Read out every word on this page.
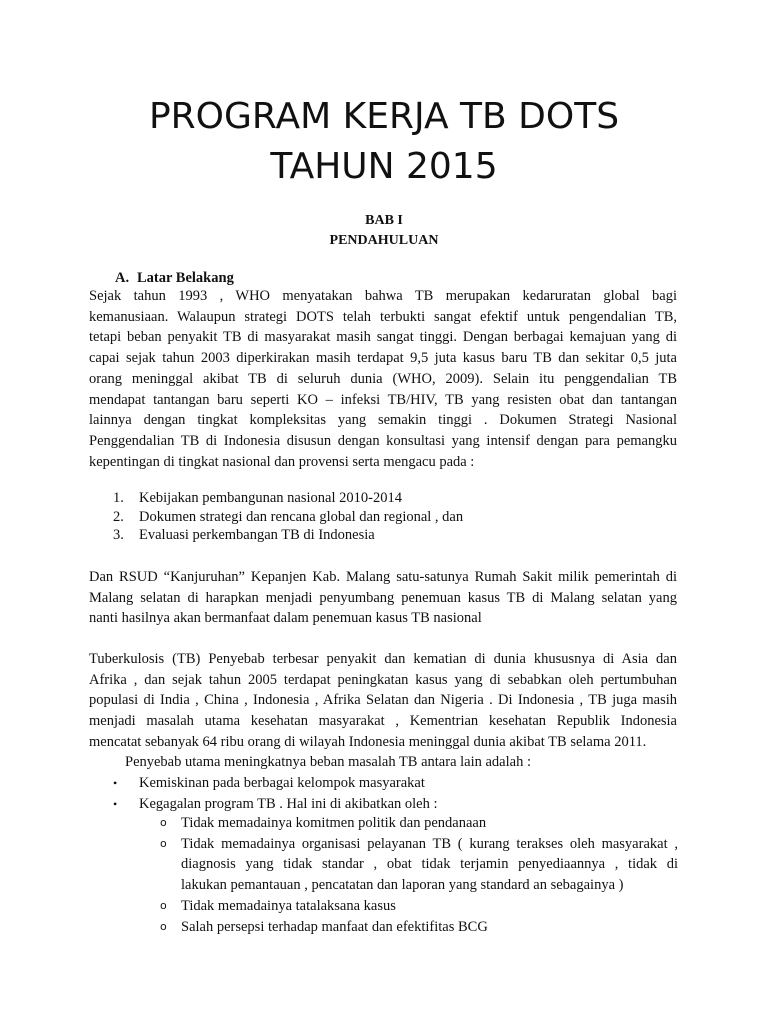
PROGRAM KERJA TB DOTS
TAHUN 2015
BAB I
PENDAHULUAN
A. Latar Belakang
Sejak tahun 1993 , WHO menyatakan bahwa TB merupakan kedaruratan global bagi
kemanusiaan. Walaupun strategi DOTS telah terbukti sangat efektif untuk pengendalian TB,
tetapi beban penyakit TB di masyarakat masih sangat tinggi. Dengan berbagai kemajuan yang di
capai sejak tahun 2003 diperkirakan masih terdapat 9,5 juta kasus baru TB dan sekitar 0,5 juta
orang meninggal akibat TB di seluruh dunia (WHO, 2009). Selain itu penggendalian TB
mendapat tantangan baru seperti KO – infeksi TB/HIV, TB yang resisten obat dan tantangan
lainnya dengan tingkat kompleksitas yang semakin tinggi . Dokumen Strategi Nasional
Penggendalian TB di Indonesia disusun dengan konsultasi yang intensif dengan para pemangku
kepentingan di tingkat nasional dan provensi serta mengacu pada :
1. Kebijakan pembangunan nasional 2010-2014
2. Dokumen strategi dan rencana global dan regional , dan
3. Evaluasi perkembangan TB di Indonesia
Dan RSUD “Kanjuruhan” Kepanjen Kab. Malang satu-satunya Rumah Sakit milik pemerintah di
Malang selatan di harapkan menjadi penyumbang penemuan kasus TB di Malang selatan yang
nanti hasilnya akan bermanfaat dalam penemuan kasus TB nasional
Tuberkulosis (TB) Penyebab terbesar penyakit dan kematian di dunia khususnya di Asia dan
Afrika , dan sejak tahun 2005 terdapat peningkatan kasus yang di sebabkan oleh pertumbuhan
populasi di India , China , Indonesia , Afrika Selatan dan Nigeria . Di Indonesia , TB juga masih
menjadi masalah utama kesehatan masyarakat , Kementrian kesehatan Republik Indonesia
mencatat sebanyak 64 ribu orang di wilayah Indonesia meninggal dunia akibat TB selama 2011.
Penyebab utama meningkatnya beban masalah TB antara lain adalah :
• Kemiskinan pada berbagai kelompok masyarakat
• Kegagalan program TB . Hal ini di akibatkan oleh :
o Tidak memadainya komitmen politik dan pendanaan
o Tidak memadainya organisasi pelayanan TB ( kurang terakses oleh masyarakat ,
diagnosis yang tidak standar , obat tidak terjamin penyediaannya , tidak di
lakukan pemantauan , pencatatan dan laporan yang standard an sebagainya )
o Tidak memadainya tatalaksana kasus
o Salah persepsi terhadap manfaat dan efektifitas BCG
